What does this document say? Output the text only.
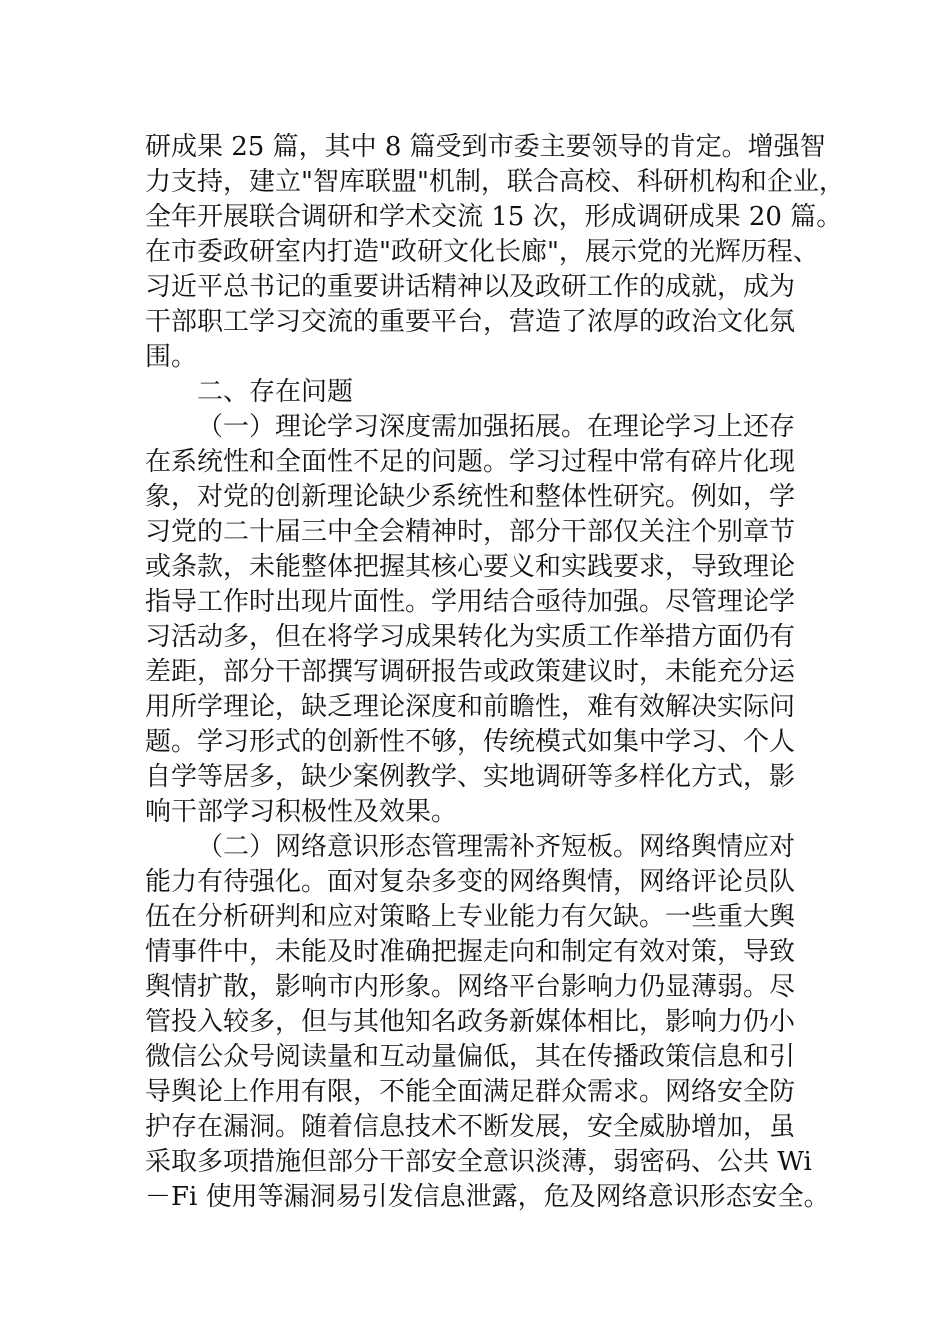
研成果 25 篇，其中 8 篇受到市委主要领导的肯定。增强智
力支持，建立"智库联盟"机制，联合高校、科研机构和企业，
全年开展联合调研和学术交流 15 次，形成调研成果 20 篇。
在市委政研室内打造"政研文化长廊"，展示党的光辉历程、
习近平总书记的重要讲话精神以及政研工作的成就，成为
干部职工学习交流的重要平台，营造了浓厚的政治文化氛
围。
二、存在问题
（一）理论学习深度需加强拓展。在理论学习上还存
在系统性和全面性不足的问题。学习过程中常有碎片化现
象，对党的创新理论缺少系统性和整体性研究。例如，学
习党的二十届三中全会精神时，部分干部仅关注个别章节
或条款，未能整体把握其核心要义和实践要求，导致理论
指导工作时出现片面性。学用结合亟待加强。尽管理论学
习活动多，但在将学习成果转化为实质工作举措方面仍有
差距，部分干部撰写调研报告或政策建议时，未能充分运
用所学理论，缺乏理论深度和前瞻性，难有效解决实际问
题。学习形式的创新性不够，传统模式如集中学习、个人
自学等居多，缺少案例教学、实地调研等多样化方式，影
响干部学习积极性及效果。
（二）网络意识形态管理需补齐短板。网络舆情应对
能力有待强化。面对复杂多变的网络舆情，网络评论员队
伍在分析研判和应对策略上专业能力有欠缺。一些重大舆
情事件中，未能及时准确把握走向和制定有效对策，导致
舆情扩散，影响市内形象。网络平台影响力仍显薄弱。尽
管投入较多，但与其他知名政务新媒体相比，影响力仍小
微信公众号阅读量和互动量偏低，其在传播政策信息和引
导舆论上作用有限，不能全面满足群众需求。网络安全防
护存在漏洞。随着信息技术不断发展，安全威胁增加，虽
采取多项措施但部分干部安全意识淡薄，弱密码、公共 Wi
－Fi 使用等漏洞易引发信息泄露，危及网络意识形态安全。
